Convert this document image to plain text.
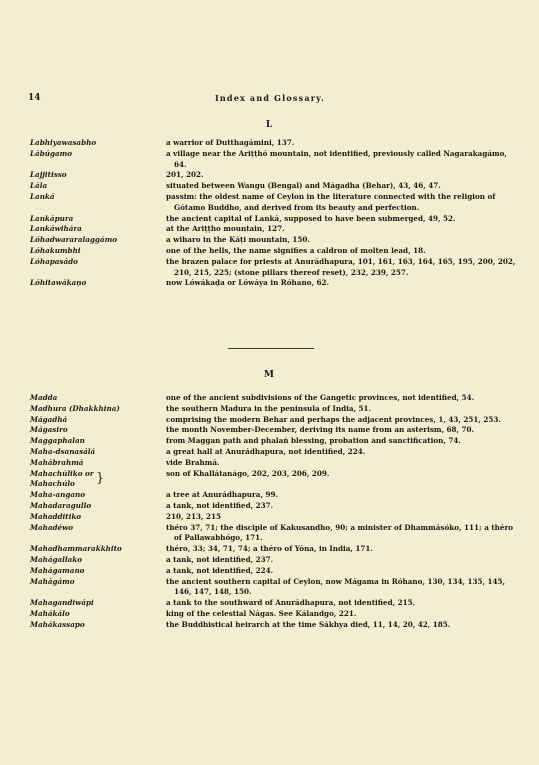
14	Index and Glossary.
L
Labhiyawasabho	a warrior of Dutthagámini, 137.
Lábúgamo	a village near the Ariṭṭhó mountain, not identified, previously called Nagarakagámo, 64.
Lajjitisso	201, 202.
Lála	situated between Wangu (Bengal) and Mágadha (Behar), 43, 46, 47.
Lanká	passim: the oldest name of Ceylon in the literature connected with the religion of Gótamo Buddho, and derived from its beauty and perfection.
Lankápura	the ancient capital of Lanká, supposed to have been submerged, 49, 52.
Lankáwihára	at the Ariṭṭho mountain, 127.
Lóhadwararalaggámo	a wiharo in the Káṭi mountain, 150.
Lóhakumbhi	one of the hells, the name signifies a caldron of molten lead, 18.
Lóhapasádo	the brazen palace for priests at Anurádhapura, 101, 161, 163, 164, 165, 195, 200, 202, 210, 215, 225; (stone pillars thereof reset), 232, 239, 257.
Lóhitawákaṇo	now Lówákaḍa or Lówáya in Róhano, 62.
M
Madda	one of the ancient subdivisions of the Gangetic provinces, not identified, 54.
Madhura (Dhakkhina)	the southern Madura in the peninsula of India, 51.
Mágadhá	comprising the modern Behar and perhaps the adjacent provinces, 1, 43, 251, 253.
Mágasiro	the month November-December, deriving its name from an asterism, 68, 70.
Maggaphalan	from Maggan path and phalań blessing, probation and sanctification, 74.
Maha-dsanasálá	a great hall at Anurádhapura, not identified, 224.
Mahábrahmá	vide Brahmá.
Mahachúliko or
Mahachúlo }	son of Khallátanágo, 202, 203, 206, 209.
Maha-angano	a tree at Anurádhapura, 99.
Mahadaragullo	a tank, not identified, 237.
Mahadditiko	210, 213, 215
Mahadéwo	théro 37, 71; the disciple of Kakusandho, 90; a minister of Dhammásóko, 111; a théro of Pallawabhógo, 171.
Mahadhammarakkhito	théro, 33; 34, 71, 74; a théro of Yóna, in India, 171.
Mahágallako	a tank, not identified, 237.
Mahágamano	a tank, not identified, 224.
Mahágámo	the ancient southern capital of Ceylon, now Mágama in Róhano, 130, 134, 135, 145, 146, 147, 148, 150.
Mahagandiwápi	a tank to the southward of Anurádhapura, not identified, 215.
Mahákálo	king of the celestial Nágas. See Kálandgo, 221.
Mahákassapo	the Buddhistical heirarch at the time Sákhya died, 11, 14, 20, 42, 185.
